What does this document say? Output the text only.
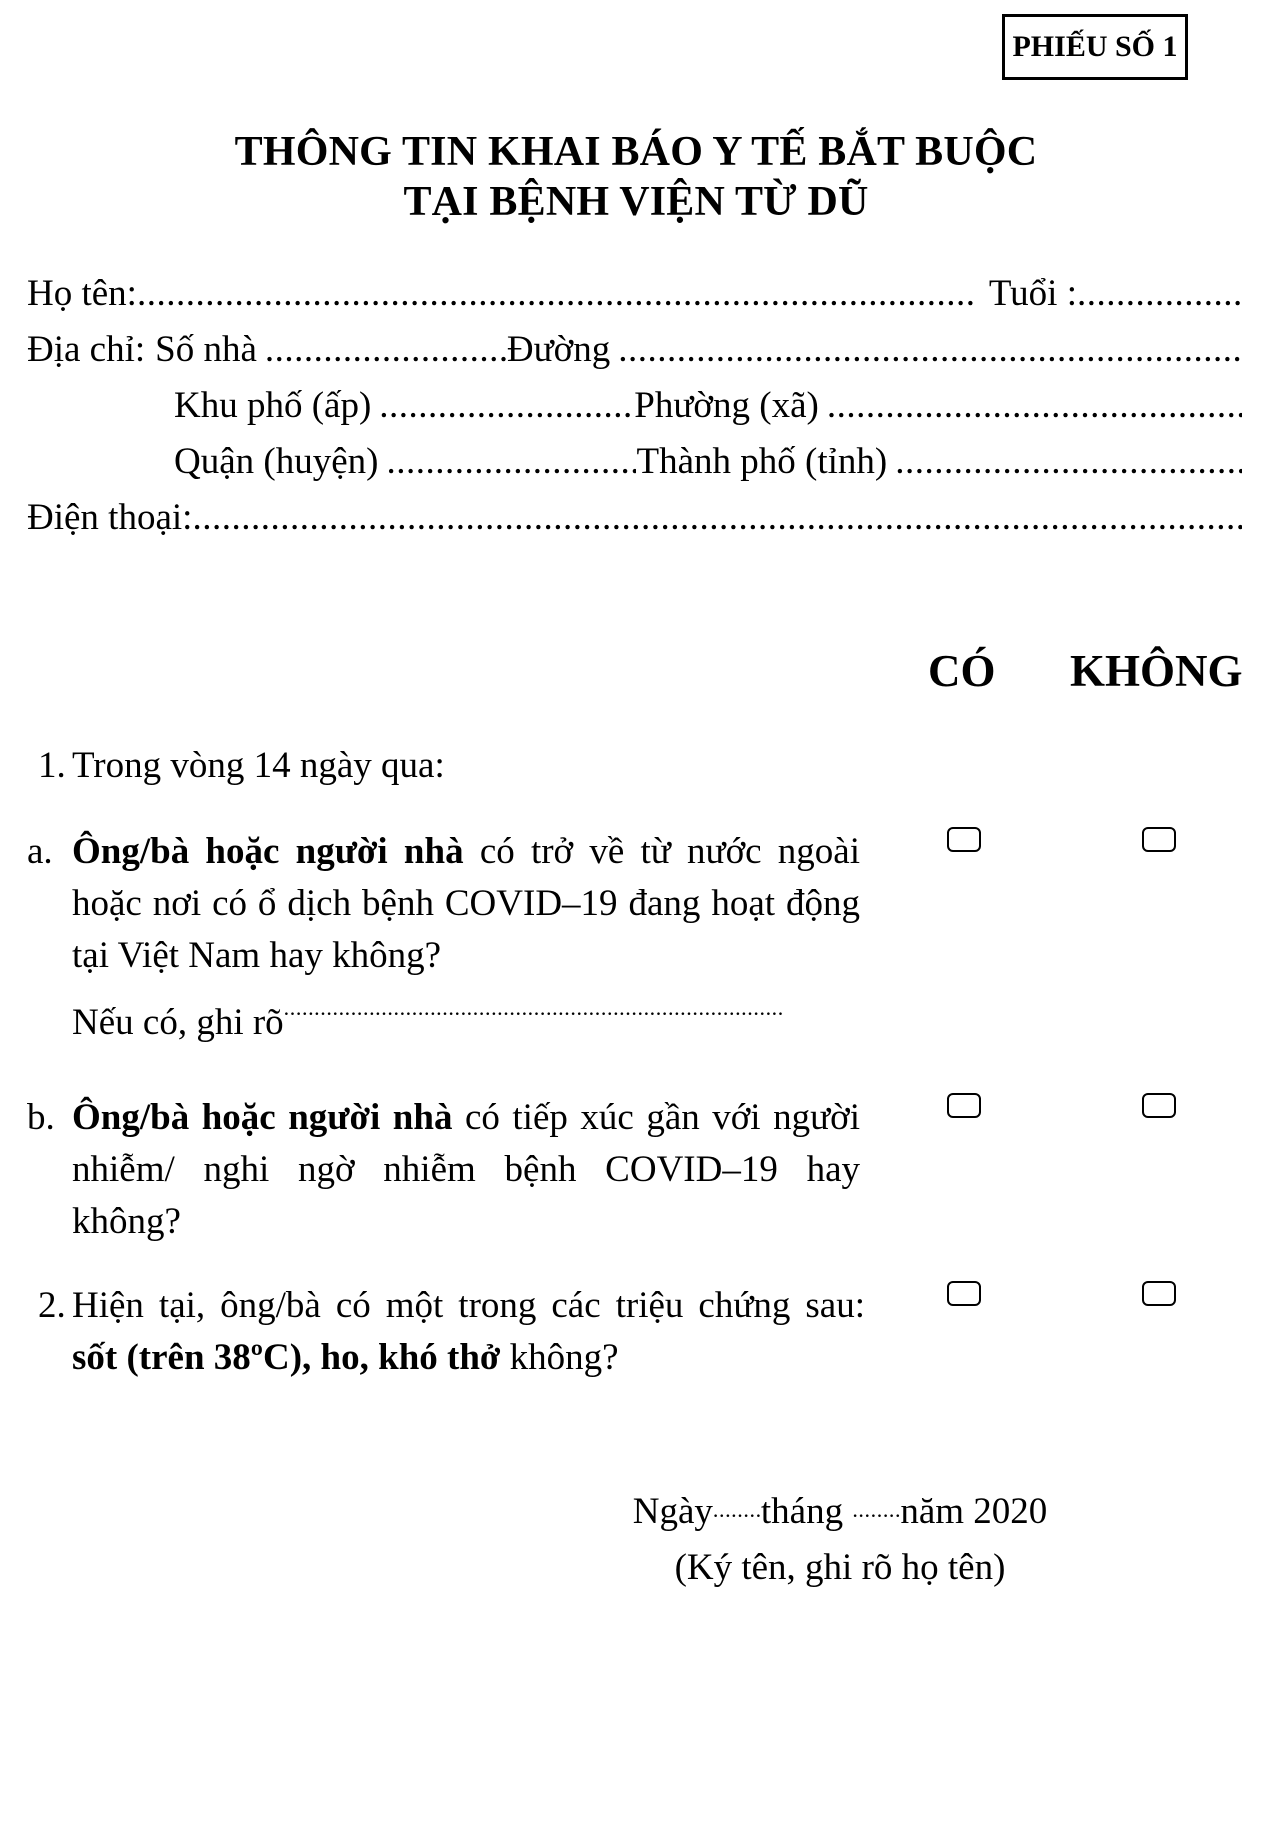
PHIẾU SỐ 1
THÔNG TIN KHAI BÁO Y TẾ BẮT BUỘC
TẠI BỆNH VIỆN TỪ DŨ
Họ tên: .....	Tuổi :
.....
Địa chỉ: Số nhà .....	Đường
.....
Khu phố (ấp) .....	Phường (xã)
.....
Quận (huyện) .....	Thành phố (tỉnh)
.....
Điện thoại:
.....
CÓ KHÔNG
1. Trong vòng 14 ngày qua:
a. Ông/bà hoặc người nhà có trở về từ nước ngoài hoặc nơi có ổ dịch bệnh COVID–19 đang hoạt động tại Việt Nam hay không?
Nếu có, ghi rõ.....
b. Ông/bà hoặc người nhà có tiếp xúc gần với người nhiễm/ nghi ngờ nhiễm bệnh COVID–19 hay không?
2. Hiện tại, ông/bà có một trong các triệu chứng sau: sốt (trên 38ºC), ho, khó thở không?
Ngày ..... tháng ..... năm 2020
(Ký tên, ghi rõ họ tên)
